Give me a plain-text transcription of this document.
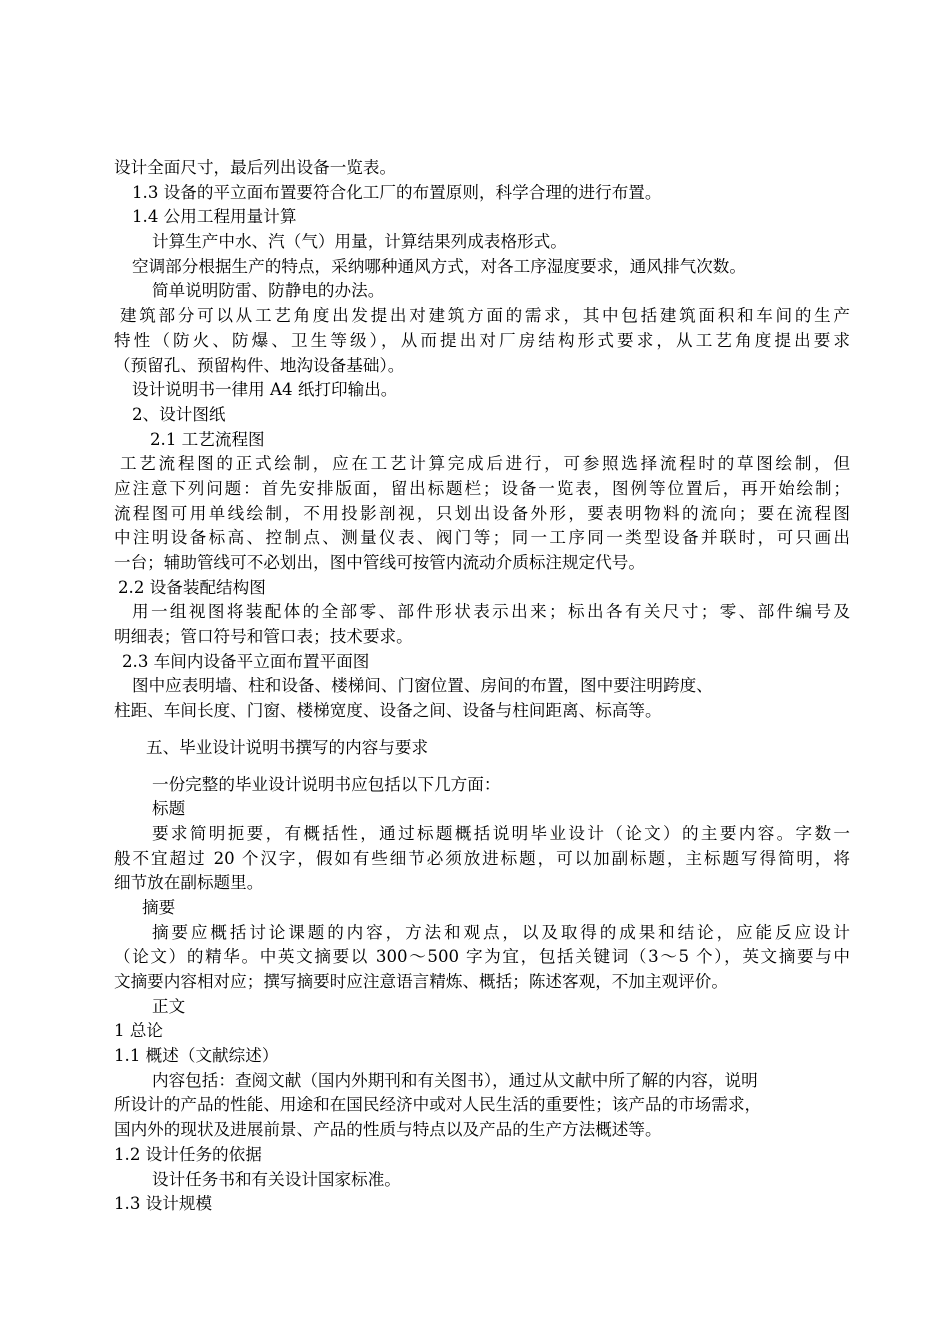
设计全面尺寸，最后列出设备一览表。
1.3 设备的平立面布置要符合化工厂的布置原则，科学合理的进行布置。
1.4 公用工程用量计算
计算生产中水、汽（气）用量，计算结果列成表格形式。
空调部分根据生产的特点，采纳哪种通风方式，对各工序湿度要求，通风排气次数。
简单说明防雷、防静电的办法。
建筑部分可以从工艺角度出发提出对建筑方面的需求，其中包括建筑面积和车间的生产
特性（防火、防爆、卫生等级），从而提出对厂房结构形式要求，从工艺角度提出要求
（预留孔、预留构件、地沟设备基础）。
设计说明书一律用 A4 纸打印输出。
2、设计图纸
2.1 工艺流程图
工艺流程图的正式绘制，应在工艺计算完成后进行，可参照选择流程时的草图绘制，但
应注意下列问题：首先安排版面，留出标题栏；设备一览表，图例等位置后，再开始绘制；
流程图可用单线绘制，不用投影剖视，只划出设备外形，要表明物料的流向；要在流程图
中注明设备标高、控制点、测量仪表、阀门等；同一工序同一类型设备并联时，可只画出
一台；辅助管线可不必划出，图中管线可按管内流动介质标注规定代号。
2.2 设备装配结构图
用一组视图将装配体的全部零、部件形状表示出来；标出各有关尺寸；零、部件编号及
明细表；管口符号和管口表；技术要求。
2.3 车间内设备平立面布置平面图
图中应表明墙、柱和设备、楼梯间、门窗位置、房间的布置，图中要注明跨度、
柱距、车间长度、门窗、楼梯宽度、设备之间、设备与柱间距离、标高等。
五、毕业设计说明书撰写的内容与要求
一份完整的毕业设计说明书应包括以下几方面：
标题
要求简明扼要，有概括性，通过标题概括说明毕业设计（论文）的主要内容。字数一
般不宜超过 20 个汉字，假如有些细节必须放进标题，可以加副标题，主标题写得简明，将
细节放在副标题里。
摘要
摘要应概括讨论课题的内容，方法和观点，以及取得的成果和结论，应能反应设计
（论文）的精华。中英文摘要以 300～500 字为宜，包括关键词（3～5 个），英文摘要与中
文摘要内容相对应；撰写摘要时应注意语言精炼、概括；陈述客观，不加主观评价。
正文
1 总论
1.1 概述（文献综述）
内容包括：查阅文献（国内外期刊和有关图书），通过从文献中所了解的内容，说明
所设计的产品的性能、用途和在国民经济中或对人民生活的重要性；该产品的市场需求，
国内外的现状及进展前景、产品的性质与特点以及产品的生产方法概述等。
1.2 设计任务的依据
设计任务书和有关设计国家标准。
1.3 设计规模
